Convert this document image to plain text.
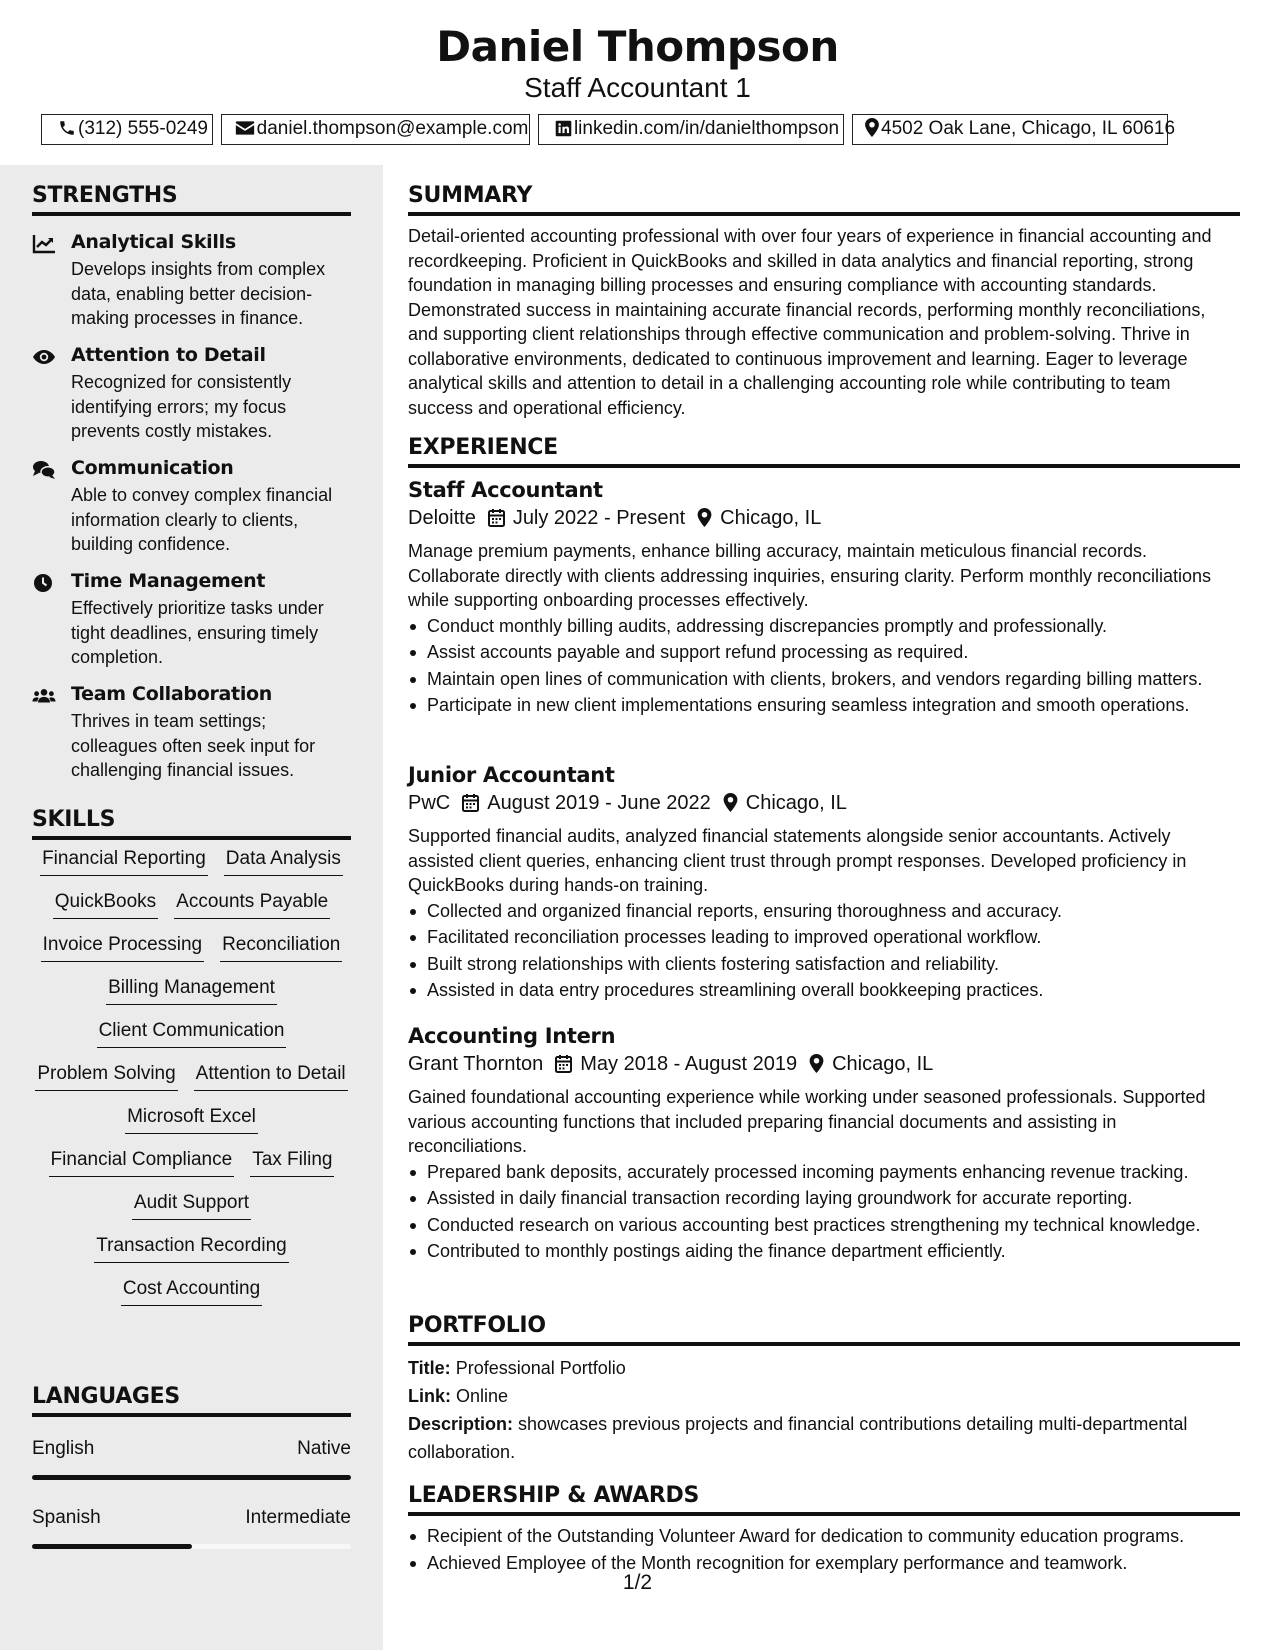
Daniel Thompson
Staff Accountant 1
(312) 555-0249	daniel.thompson@example.com	linkedin.com/in/danielthompson	4502 Oak Lane, Chicago, IL 60616
STRENGTHS
Analytical Skills
Develops insights from complex data, enabling better decision-making processes in finance.
Attention to Detail
Recognized for consistently identifying errors; my focus prevents costly mistakes.
Communication
Able to convey complex financial information clearly to clients, building confidence.
Time Management
Effectively prioritize tasks under tight deadlines, ensuring timely completion.
Team Collaboration
Thrives in team settings; colleagues often seek input for challenging financial issues.
SKILLS
Financial Reporting Data Analysis
QuickBooks Accounts Payable
Invoice Processing Reconciliation
Billing Management
Client Communication
Problem Solving Attention to Detail
Microsoft Excel
Financial Compliance Tax Filing
Audit Support
Transaction Recording
Cost Accounting
LANGUAGES
English	Native
Spanish	Intermediate
SUMMARY
Detail-oriented accounting professional with over four years of experience in financial accounting and recordkeeping. Proficient in QuickBooks and skilled in data analytics and financial reporting, strong foundation in managing billing processes and ensuring compliance with accounting standards. Demonstrated success in maintaining accurate financial records, performing monthly reconciliations, and supporting client relationships through effective communication and problem-solving. Thrive in collaborative environments, dedicated to continuous improvement and learning. Eager to leverage analytical skills and attention to detail in a challenging accounting role while contributing to team success and operational efficiency.
EXPERIENCE
Staff Accountant
Deloitte July 2022 - Present Chicago, IL
Manage premium payments, enhance billing accuracy, maintain meticulous financial records. Collaborate directly with clients addressing inquiries, ensuring clarity. Perform monthly reconciliations while supporting onboarding processes effectively.
Conduct monthly billing audits, addressing discrepancies promptly and professionally.
Assist accounts payable and support refund processing as required.
Maintain open lines of communication with clients, brokers, and vendors regarding billing matters.
Participate in new client implementations ensuring seamless integration and smooth operations.
Junior Accountant
PwC August 2019 - June 2022 Chicago, IL
Supported financial audits, analyzed financial statements alongside senior accountants. Actively assisted client queries, enhancing client trust through prompt responses. Developed proficiency in QuickBooks during hands-on training.
Collected and organized financial reports, ensuring thoroughness and accuracy.
Facilitated reconciliation processes leading to improved operational workflow.
Built strong relationships with clients fostering satisfaction and reliability.
Assisted in data entry procedures streamlining overall bookkeeping practices.
Accounting Intern
Grant Thornton May 2018 - August 2019 Chicago, IL
Gained foundational accounting experience while working under seasoned professionals. Supported various accounting functions that included preparing financial documents and assisting in reconciliations.
Prepared bank deposits, accurately processed incoming payments enhancing revenue tracking.
Assisted in daily financial transaction recording laying groundwork for accurate reporting.
Conducted research on various accounting best practices strengthening my technical knowledge.
Contributed to monthly postings aiding the finance department efficiently.
PORTFOLIO
Title: Professional Portfolio
Link: Online
Description: showcases previous projects and financial contributions detailing multi-departmental collaboration.
LEADERSHIP & AWARDS
Recipient of the Outstanding Volunteer Award for dedication to community education programs.
Achieved Employee of the Month recognition for exemplary performance and teamwork.
1/2
